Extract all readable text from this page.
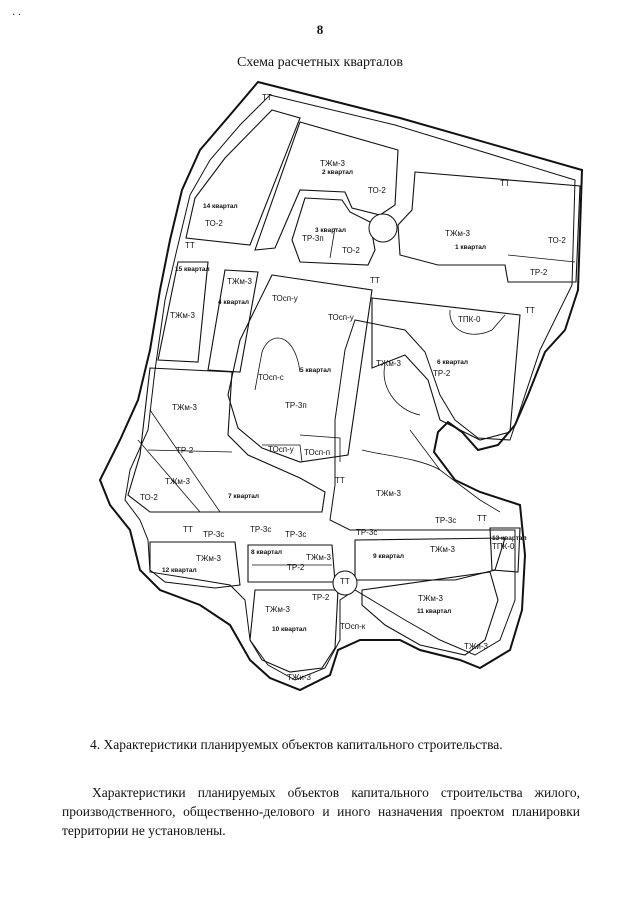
· ·
8
Схема расчетных кварталов
ТТ
ТЖм-3
ТО-2
ТТ
ТЖм-3
ТО-2
ТР-2
ТР-3п
ТО-2
ТО-2
ТТ
ТТ
ТЖм-3
ТЖм-3
ТОсп-у
ТОсп-у
ТТ
ТПК-0
ТЖм-3
ТР-2
ТОсп-с
ТР-3п
ТОсп-у ТОсп-п
ТЖм-3
ТР-2
ТЖм-3
ТО-2
ТТ
ТЖм-3
ТТ
ТР-3с
ТР-3с
ТР-3с	ТР-3с
ТР-3с	ТТ
ТПК-0
ТЖм-3
ТЖм-3
ТР-2
ТЖм-3
ТТ
ТР-2
ТЖм-3
ТОсп-к
ТЖм-3
ТЖи-3
ТЖи-3
2 квартал
14 квартал
3 квартал
1 квартал
15 квартал
4 квартал
5 квартал
6 квартал
7 квартал
13 квартал
8 квартал
9 квартал
12 квартал
11 квартал
10 квартал
4. Характеристики планируемых объектов капитального строительства.
Характеристики планируемых объектов капитального строительства жилого, производственного, общественно-делового и иного назначения проектом планировки территории не установлены.
